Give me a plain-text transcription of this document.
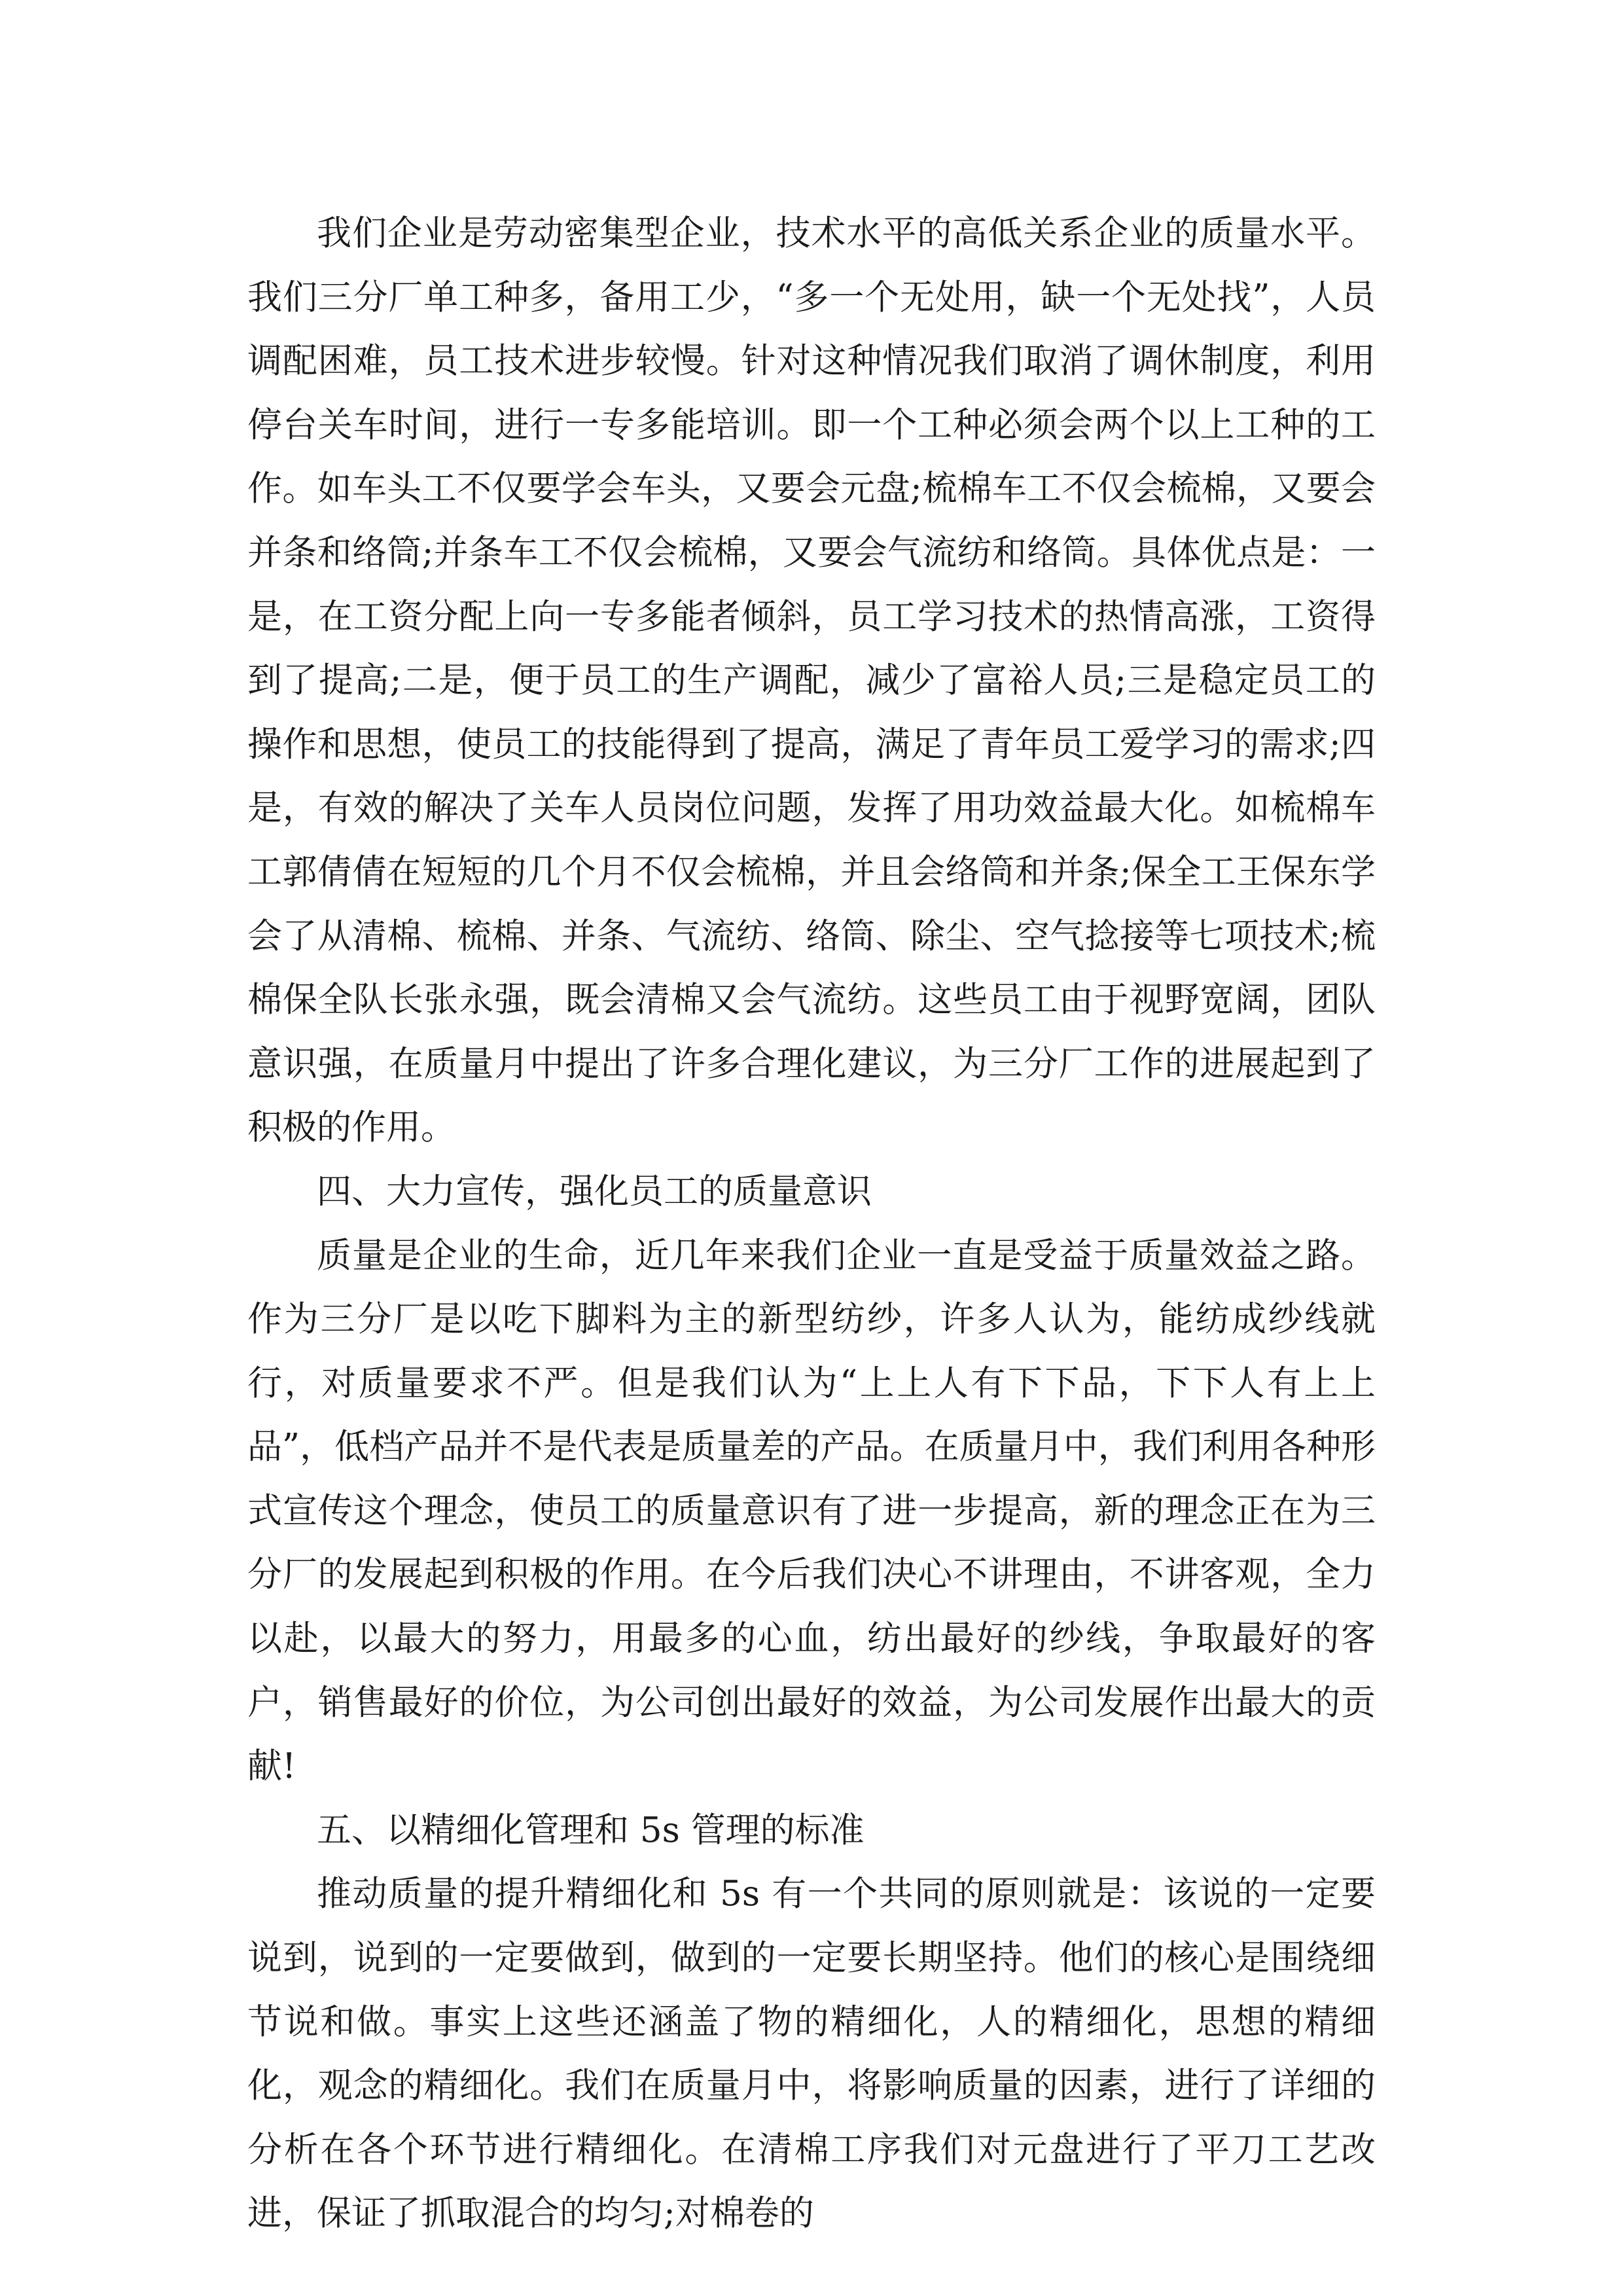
我们企业是劳动密集型企业，技术水平的高低关系企业的质量水平。我们三分厂单工种多，备用工少，“多一个无处用，缺一个无处找”，人员调配困难，员工技术进步较慢。针对这种情况我们取消了调休制度，利用停台关车时间，进行一专多能培训。即一个工种必须会两个以上工种的工作。如车头工不仅要学会车头，又要会元盘;梳棉车工不仅会梳棉，又要会并条和络筒;并条车工不仅会梳棉，又要会气流纺和络筒。具体优点是：一是，在工资分配上向一专多能者倾斜，员工学习技术的热情高涨，工资得到了提高;二是，便于员工的生产调配，减少了富裕人员;三是稳定员工的操作和思想，使员工的技能得到了提高，满足了青年员工爱学习的需求;四是，有效的解决了关车人员岗位问题，发挥了用功效益最大化。如梳棉车工郭倩倩在短短的几个月不仅会梳棉，并且会络筒和并条;保全工王保东学会了从清棉、梳棉、并条、气流纺、络筒、除尘、空气捻接等七项技术;梳棉保全队长张永强，既会清棉又会气流纺。这些员工由于视野宽阔，团队意识强，在质量月中提出了许多合理化建议，为三分厂工作的进展起到了积极的作用。

四、大力宣传，强化员工的质量意识

质量是企业的生命，近几年来我们企业一直是受益于质量效益之路。作为三分厂是以吃下脚料为主的新型纺纱，许多人认为，能纺成纱线就行，对质量要求不严。但是我们认为“上上人有下下品，下下人有上上品”，低档产品并不是代表是质量差的产品。在质量月中，我们利用各种形式宣传这个理念，使员工的质量意识有了进一步提高，新的理念正在为三分厂的发展起到积极的作用。在今后我们决心不讲理由，不讲客观，全力以赴，以最大的努力，用最多的心血，纺出最好的纱线，争取最好的客户，销售最好的价位，为公司创出最好的效益，为公司发展作出最大的贡献!

五、以精细化管理和 5s 管理的标准

推动质量的提升精细化和 5s 有一个共同的原则就是：该说的一定要说到，说到的一定要做到，做到的一定要长期坚持。他们的核心是围绕细节说和做。事实上这些还涵盖了物的精细化，人的精细化，思想的精细化，观念的精细化。我们在质量月中，将影响质量的因素，进行了详细的分析在各个环节进行精细化。在清棉工序我们对元盘进行了平刀工艺改进，保证了抓取混合的均匀;对棉卷的
